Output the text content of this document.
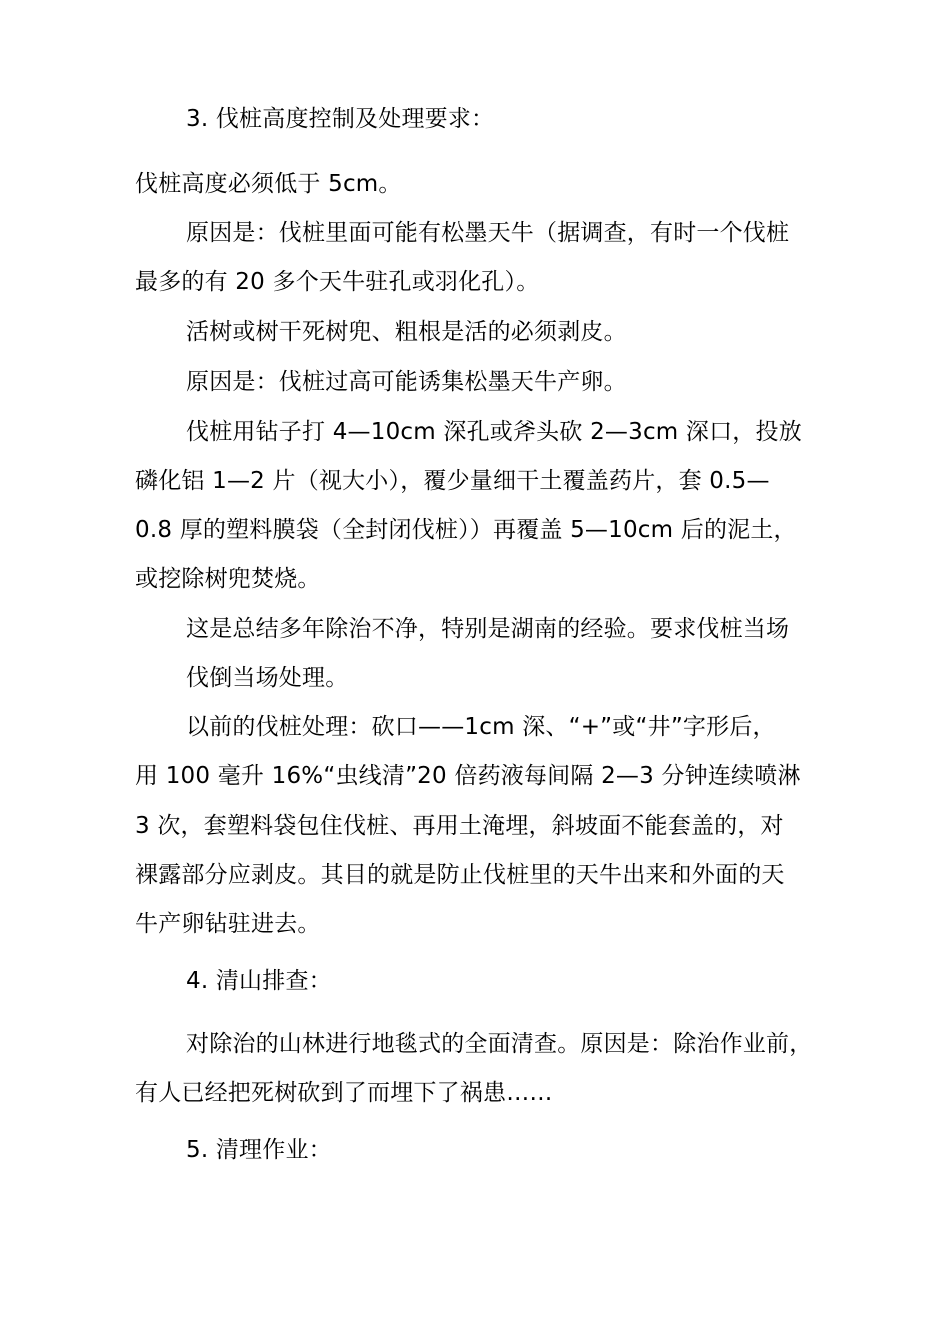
3. 伐桩高度控制及处理要求：
伐桩高度必须低于 5cm。
原因是：伐桩里面可能有松墨天牛（据调查，有时一个伐桩
最多的有 20 多个天牛驻孔或羽化孔）。
活树或树干死树兜、粗根是活的必须剥皮。
原因是：伐桩过高可能诱集松墨天牛产卵。
伐桩用钻子打 4—10cm 深孔或斧头砍 2—3cm 深口，投放
磷化铝 1—2 片（视大小），覆少量细干土覆盖药片，套 0.5—
0.8 厚的塑料膜袋（全封闭伐桩））再覆盖 5—10cm 后的泥土，
或挖除树兜焚烧。
这是总结多年除治不净，特别是湖南的经验。要求伐桩当场
伐倒当场处理。
以前的伐桩处理：砍口——1cm 深、“+”或“井”字形后，
用 100 毫升 16%“虫线清”20 倍药液每间隔 2—3 分钟连续喷淋
3 次，套塑料袋包住伐桩、再用土淹埋，斜坡面不能套盖的，对
裸露部分应剥皮。其目的就是防止伐桩里的天牛出来和外面的天
牛产卵钻驻进去。
4. 清山排查：
对除治的山林进行地毯式的全面清查。原因是：除治作业前，
有人已经把死树砍到了而埋下了祸患……
5. 清理作业：
